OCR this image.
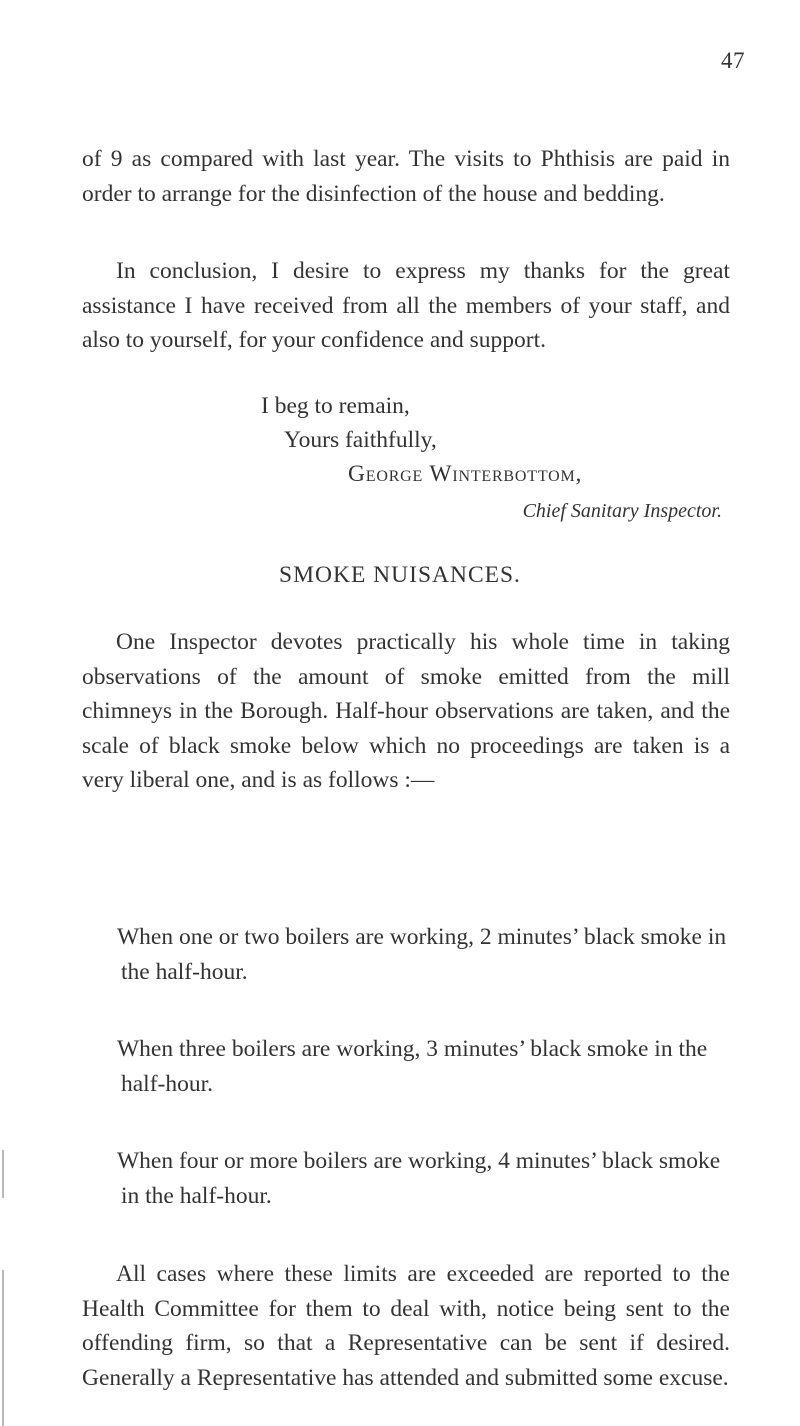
47

of 9 as compared with last year. The visits to Phthisis are paid in order to arrange for the disinfection of the house and bedding.

In conclusion, I desire to express my thanks for the great assistance I have received from all the members of your staff, and also to yourself, for your confidence and support.

I beg to remain,
Yours faithfully,
George Winterbottom,
Chief Sanitary Inspector.
SMOKE NUISANCES.

One Inspector devotes practically his whole time in taking observations of the amount of smoke emitted from the mill chimneys in the Borough. Half-hour observations are taken, and the scale of black smoke below which no proceedings are taken is a very liberal one, and is as follows :—

When one or two boilers are working, 2 minutes’ black smoke in the half-hour.

When three boilers are working, 3 minutes’ black smoke in the half-hour.

When four or more boilers are working, 4 minutes’ black smoke in the half-hour.

All cases where these limits are exceeded are reported to the Health Committee for them to deal with, notice being sent to the offending firm, so that a Representative can be sent if desired. Generally a Representative has attended and submitted some excuse.
